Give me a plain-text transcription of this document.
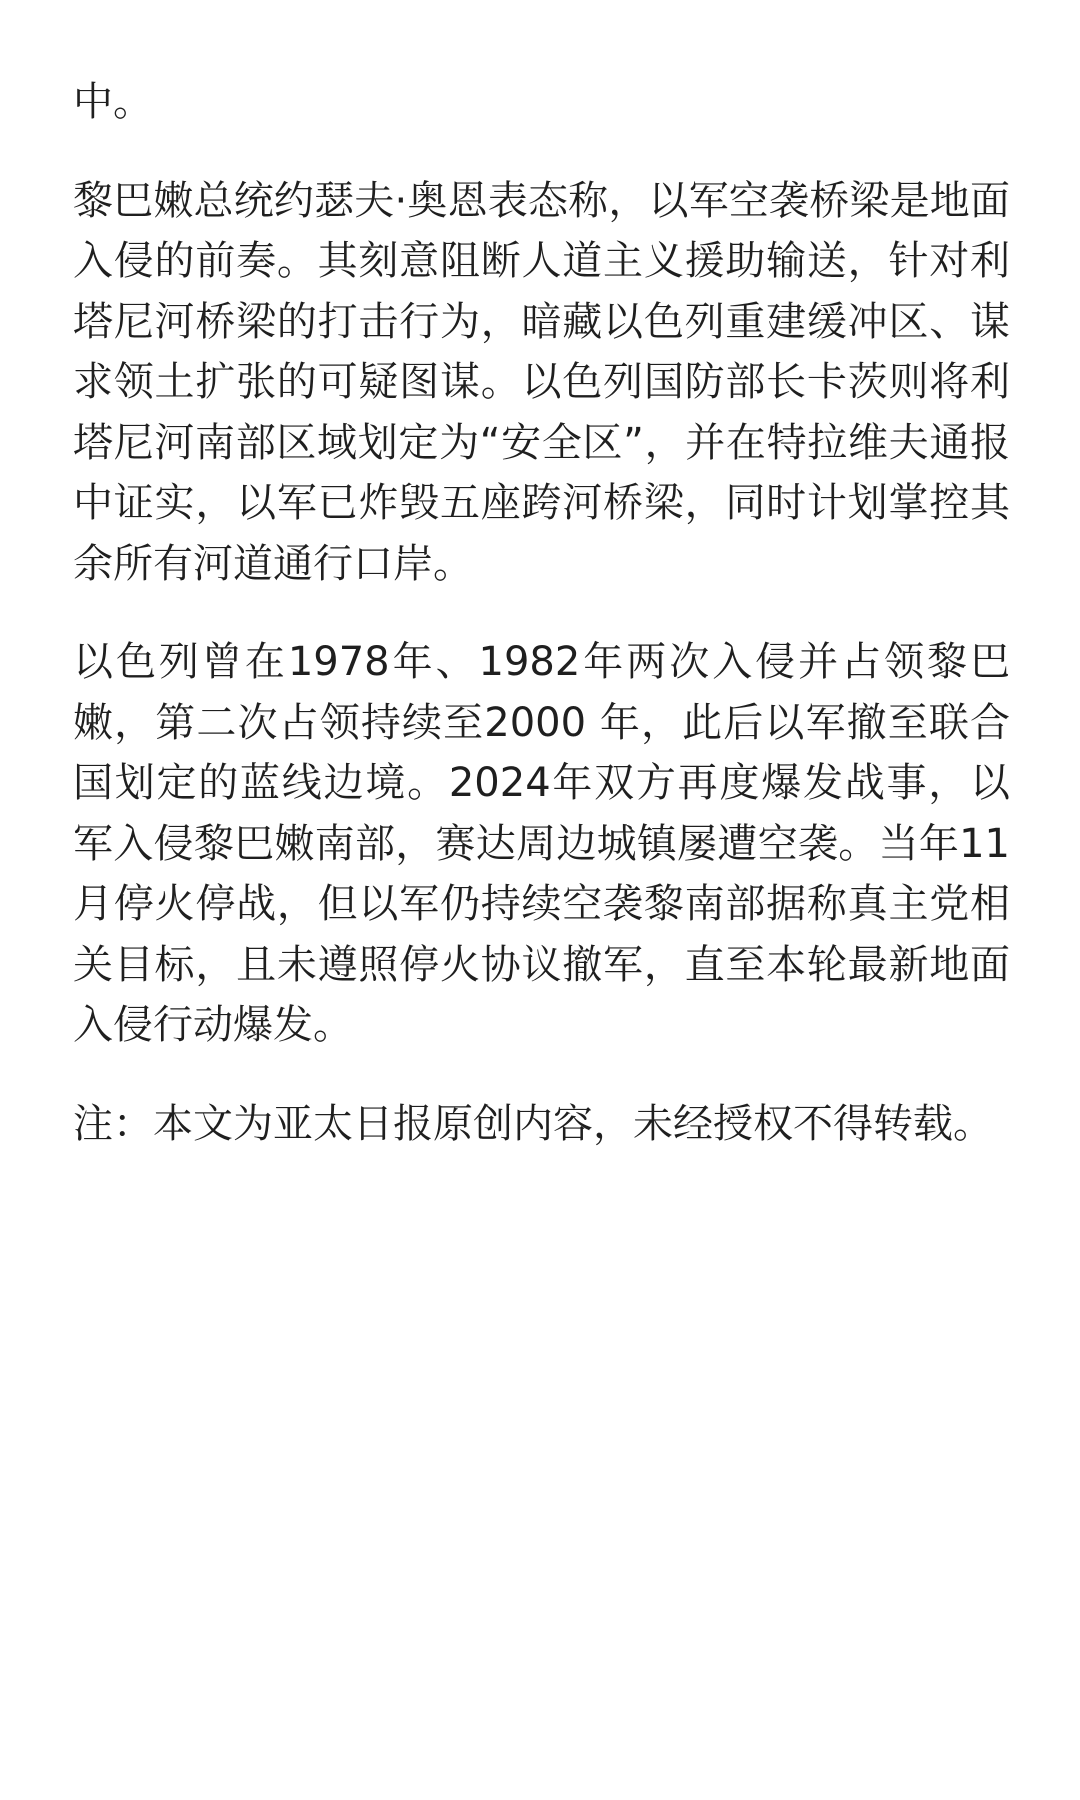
中。

黎巴嫩总统约瑟夫·奥恩表态称，以军空袭桥梁是地面入侵的前奏。其刻意阻断人道主义援助输送，针对利塔尼河桥梁的打击行为，暗藏以色列重建缓冲区、谋求领土扩张的可疑图谋。以色列国防部长卡茨则将利塔尼河南部区域划定为“安全区”，并在特拉维夫通报中证实，以军已炸毁五座跨河桥梁，同时计划掌控其余所有河道通行口岸。

以色列曾在1978年、1982年两次入侵并占领黎巴嫩，第二次占领持续至2000 年，此后以军撤至联合国划定的蓝线边境。2024年双方再度爆发战事，以军入侵黎巴嫩南部，赛达周边城镇屡遭空袭。当年11月停火停战，但以军仍持续空袭黎南部据称真主党相关目标，且未遵照停火协议撤军，直至本轮最新地面入侵行动爆发。

注：本文为亚太日报原创内容，未经授权不得转载。
